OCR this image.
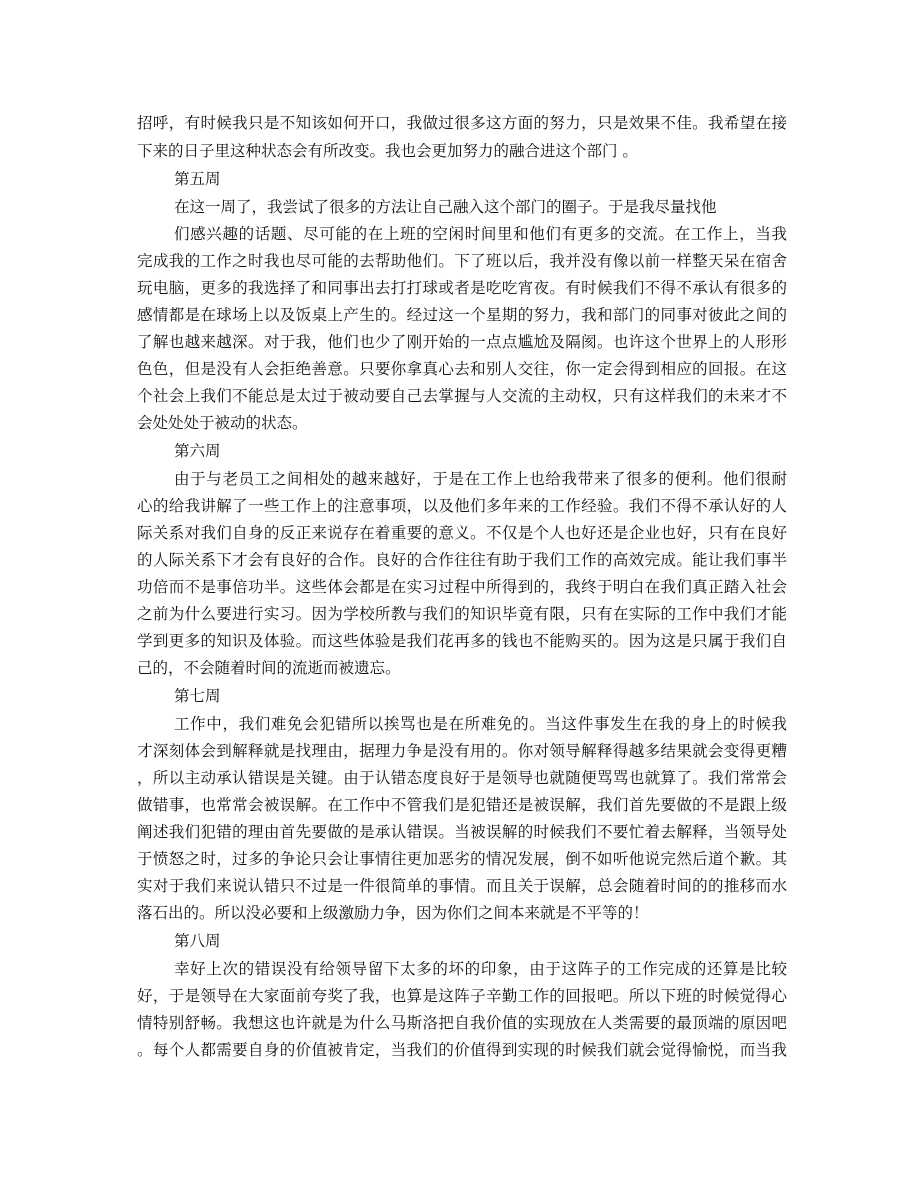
招呼，有时候我只是不知该如何开口，我做过很多这方面的努力，只是效果不佳。我希望在接
下来的日子里这种状态会有所改变。我也会更加努力的融合进这个部门 。
第五周
在这一周了，我尝试了很多的方法让自己融入这个部门的圈子。于是我尽量找他
们感兴趣的话题、尽可能的在上班的空闲时间里和他们有更多的交流。在工作上，当我
完成我的工作之时我也尽可能的去帮助他们。下了班以后，我并没有像以前一样整天呆在宿舍
玩电脑，更多的我选择了和同事出去打打球或者是吃吃宵夜。有时候我们不得不承认有很多的
感情都是在球场上以及饭桌上产生的。经过这一个星期的努力，我和部门的同事对彼此之间的
了解也越来越深。对于我，他们也少了刚开始的一点点尴尬及隔阂。也许这个世界上的人形形
色色，但是没有人会拒绝善意。只要你拿真心去和别人交往，你一定会得到相应的回报。在这
个社会上我们不能总是太过于被动要自己去掌握与人交流的主动权，只有这样我们的未来才不
会处处处于被动的状态。
第六周
由于与老员工之间相处的越来越好，于是在工作上也给我带来了很多的便利。他们很耐
心的给我讲解了一些工作上的注意事项，以及他们多年来的工作经验。我们不得不承认好的人
际关系对我们自身的反正来说存在着重要的意义。不仅是个人也好还是企业也好，只有在良好
的人际关系下才会有良好的合作。良好的合作往往有助于我们工作的高效完成。能让我们事半
功倍而不是事倍功半。这些体会都是在实习过程中所得到的，我终于明白在我们真正踏入社会
之前为什么要进行实习。因为学校所教与我们的知识毕竟有限，只有在实际的工作中我们才能
学到更多的知识及体验。而这些体验是我们花再多的钱也不能购买的。因为这是只属于我们自
己的，不会随着时间的流逝而被遗忘。
第七周
工作中，我们难免会犯错所以挨骂也是在所难免的。当这件事发生在我的身上的时候我
才深刻体会到解释就是找理由，据理力争是没有用的。你对领导解释得越多结果就会变得更糟
，所以主动承认错误是关键。由于认错态度良好于是领导也就随便骂骂也就算了。我们常常会
做错事，也常常会被误解。在工作中不管我们是犯错还是被误解，我们首先要做的不是跟上级
阐述我们犯错的理由首先要做的是承认错误。当被误解的时候我们不要忙着去解释，当领导处
于愤怒之时，过多的争论只会让事情往更加恶劣的情况发展，倒不如听他说完然后道个歉。其
实对于我们来说认错只不过是一件很简单的事情。而且关于误解，总会随着时间的的推移而水
落石出的。所以没必要和上级激励力争，因为你们之间本来就是不平等的！
第八周
幸好上次的错误没有给领导留下太多的坏的印象，由于这阵子的工作完成的还算是比较
好，于是领导在大家面前夸奖了我，也算是这阵子辛勤工作的回报吧。所以下班的时候觉得心
情特别舒畅。我想这也许就是为什么马斯洛把自我价值的实现放在人类需要的最顶端的原因吧
。每个人都需要自身的价值被肯定，当我们的价值得到实现的时候我们就会觉得愉悦，而当我
